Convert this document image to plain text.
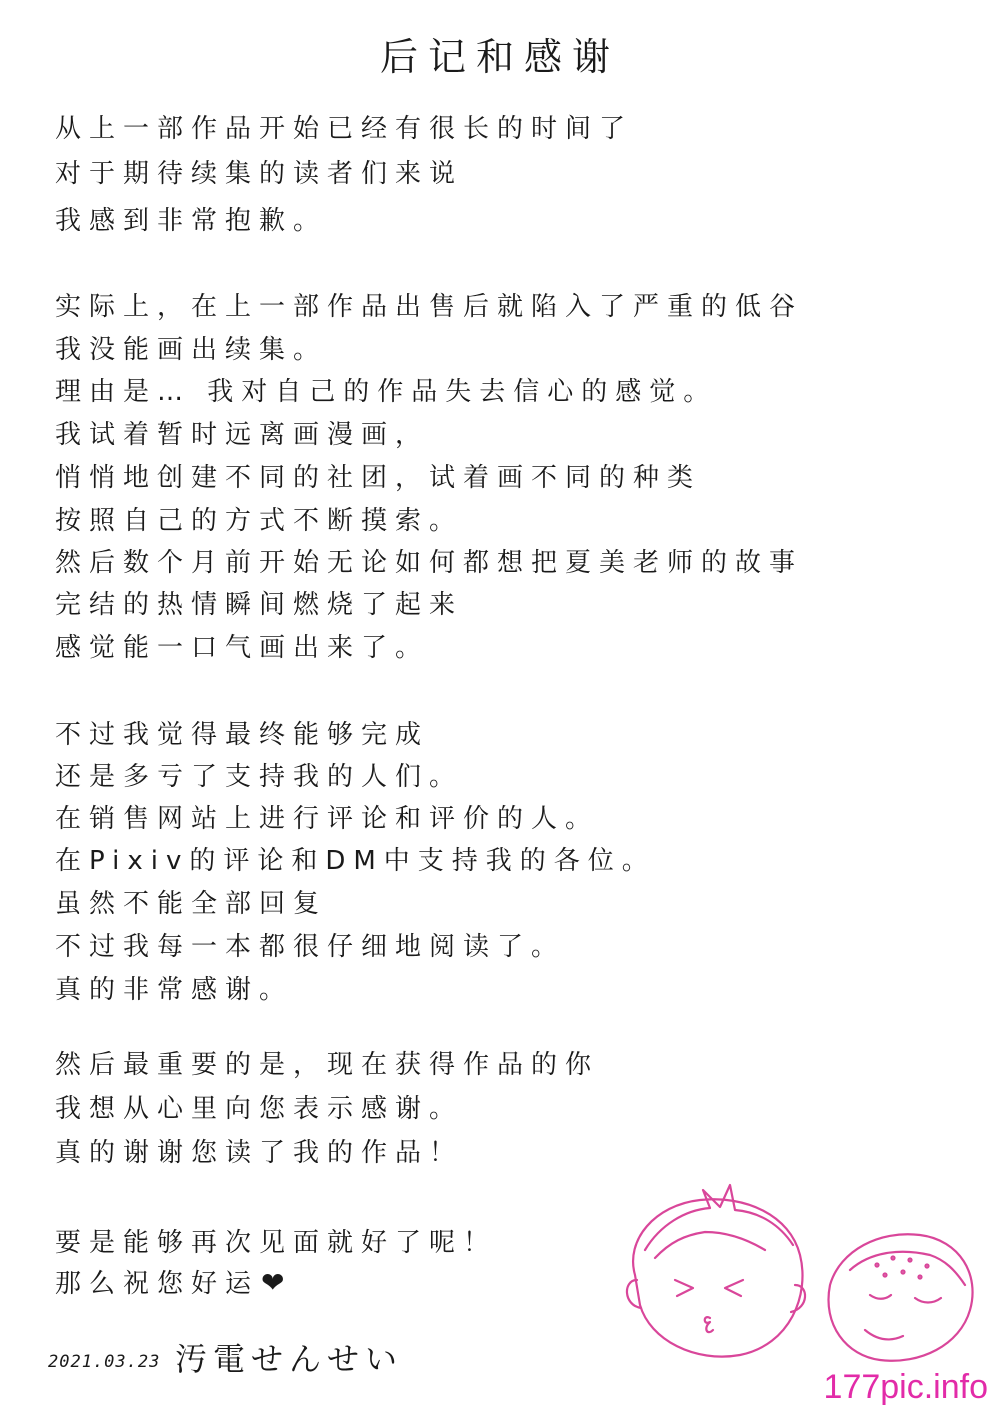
后记和感谢
从上一部作品开始已经有很长的时间了
对于期待续集的读者们来说
我感到非常抱歉。
实际上，在上一部作品出售后就陷入了严重的低谷
我没能画出续集。
理由是… 我对自己的作品失去信心的感觉。
我试着暂时远离画漫画，
悄悄地创建不同的社团，试着画不同的种类
按照自己的方式不断摸索。
然后数个月前开始无论如何都想把夏美老师的故事
完结的热情瞬间燃烧了起来
感觉能一口气画出来了。
不过我觉得最终能够完成
还是多亏了支持我的人们。
在销售网站上进行评论和评价的人。
在Pixiv的评论和DM中支持我的各位。
虽然不能全部回复
不过我每一本都很仔细地阅读了。
真的非常感谢。
然后最重要的是，现在获得作品的你
我想从心里向您表示感谢。
真的谢谢您读了我的作品！
要是能够再次见面就好了呢！
那么祝您好运❤
2021.03.23 汚電せんせい
177pic.info
